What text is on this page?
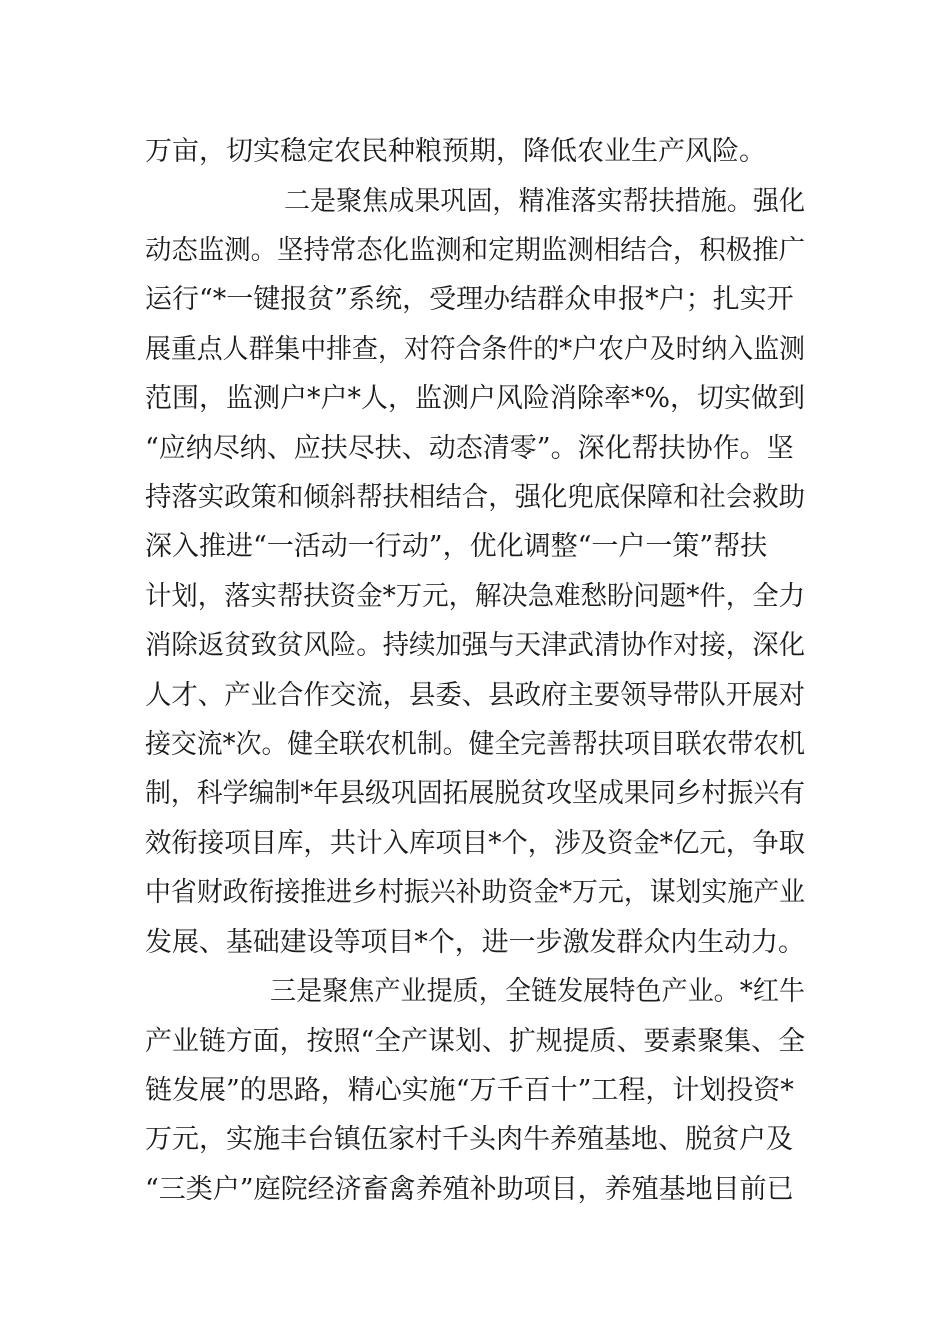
万亩，切实稳定农民种粮预期，降低农业生产风险。
二是聚焦成果巩固，精准落实帮扶措施。强化
动态监测。坚持常态化监测和定期监测相结合，积极推广
运行“*一键报贫”系统，受理办结群众申报*户；扎实开
展重点人群集中排查，对符合条件的*户农户及时纳入监测
范围，监测户*户*人，监测户风险消除率*%，切实做到
“应纳尽纳、应扶尽扶、动态清零”。深化帮扶协作。坚
持落实政策和倾斜帮扶相结合，强化兜底保障和社会救助
深入推进“一活动一行动”，优化调整“一户一策”帮扶
计划，落实帮扶资金*万元，解决急难愁盼问题*件，全力
消除返贫致贫风险。持续加强与天津武清协作对接，深化
人才、产业合作交流，县委、县政府主要领导带队开展对
接交流*次。健全联农机制。健全完善帮扶项目联农带农机
制，科学编制*年县级巩固拓展脱贫攻坚成果同乡村振兴有
效衔接项目库，共计入库项目*个，涉及资金*亿元，争取
中省财政衔接推进乡村振兴补助资金*万元，谋划实施产业
发展、基础建设等项目*个，进一步激发群众内生动力。
三是聚焦产业提质，全链发展特色产业。*红牛
产业链方面，按照“全产谋划、扩规提质、要素聚集、全
链发展”的思路，精心实施“万千百十”工程，计划投资*
万元，实施丰台镇伍家村千头肉牛养殖基地、脱贫户及
“三类户”庭院经济畜禽养殖补助项目，养殖基地目前已
